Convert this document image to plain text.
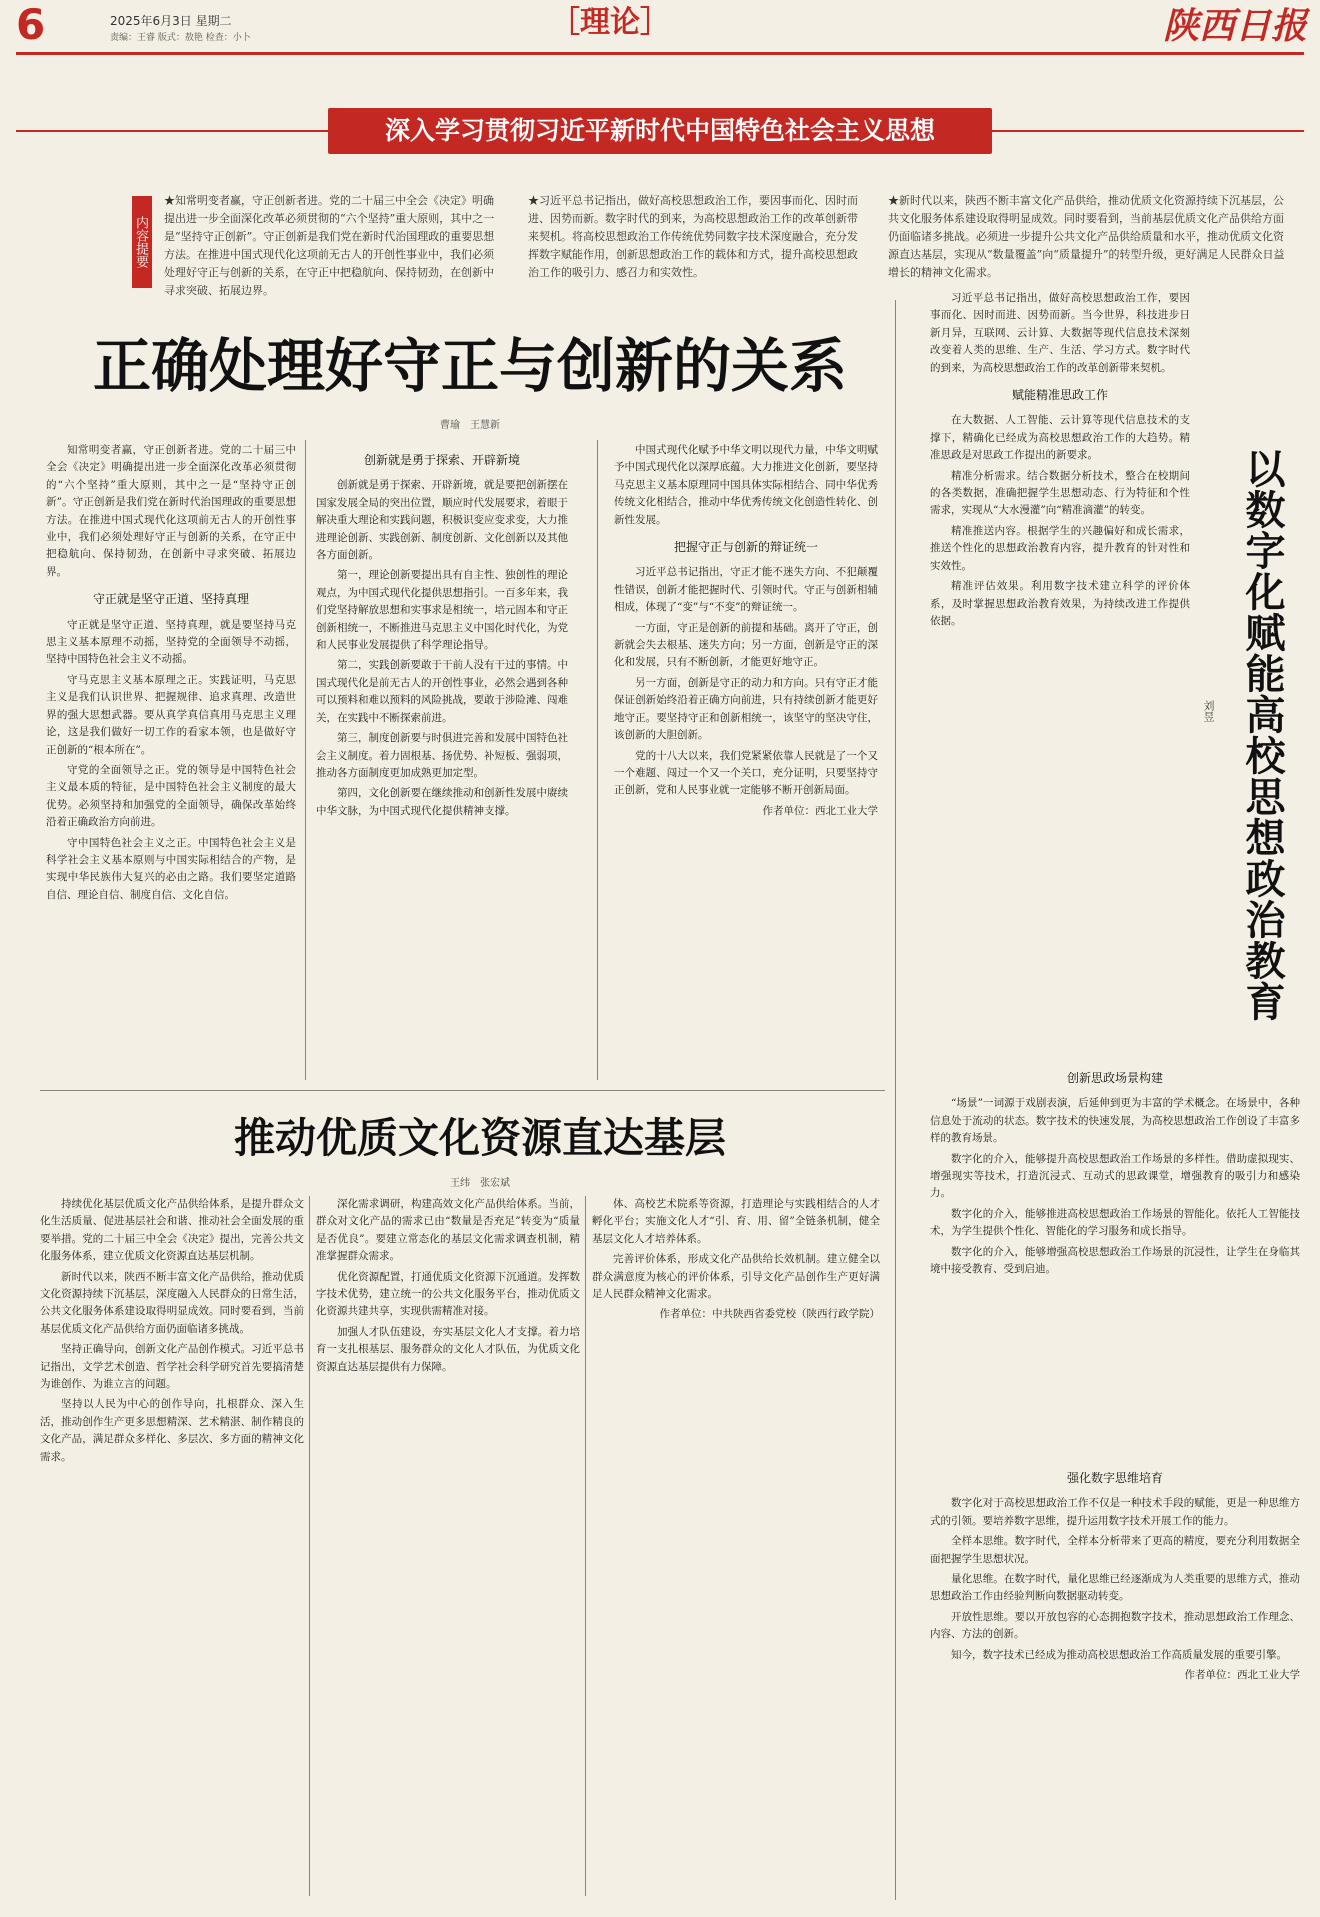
6	2025年6月3日 星期二
责编：王睿 版式：敖艳 检查：小卜	［理论］	陕西日报
深入学习贯彻习近平新时代中国特色社会主义思想
内容提要

★知常明变者赢，守正创新者进。党的二十届三中全会《决定》明确提出进一步全面深化改革必须贯彻的“六个坚持”重大原则，其中之一是“坚持守正创新”。守正创新是我们党在新时代治国理政的重要思想方法。在推进中国式现代化这项前无古人的开创性事业中，我们必须处理好守正与创新的关系，在守正中把稳航向、保持韧劲，在创新中寻求突破、拓展边界。

★习近平总书记指出，做好高校思想政治工作，要因事而化、因时而进、因势而新。数字时代的到来，为高校思想政治工作的改革创新带来契机。将高校思想政治工作传统优势同数字技术深度融合，充分发挥数字赋能作用，创新思想政治工作的载体和方式，提升高校思想政治工作的吸引力、感召力和实效性。

★新时代以来，陕西不断丰富文化产品供给，推动优质文化资源持续下沉基层，公共文化服务体系建设取得明显成效。同时要看到，当前基层优质文化产品供给方面仍面临诸多挑战。必须进一步提升公共文化产品供给质量和水平，推动优质文化资源直达基层，实现从“数量覆盖”向“质量提升”的转型升级，更好满足人民群众日益增长的精神文化需求。

正确处理好守正与创新的关系
曹瑜　王慧新

知常明变者赢，守正创新者进。党的二十届三中全会《决定》明确提出进一步全面深化改革必须贯彻的“六个坚持”重大原则，其中之一是“坚持守正创新”。守正创新是我们党在新时代治国理政的重要思想方法。在推进中国式现代化这项前无古人的开创性事业中，我们必须处理好守正与创新的关系，在守正中把稳航向、保持韧劲，在创新中寻求突破、拓展边界。

守正就是坚守正道、坚持真理

守正就是坚守正道、坚持真理，就是要坚持马克思主义基本原理不动摇，坚持党的全面领导不动摇，坚持中国特色社会主义不动摇。

守马克思主义基本原理之正。实践证明，马克思主义是我们认识世界、把握规律、追求真理、改造世界的强大思想武器。要从真学真信真用马克思主义理论，这是我们做好一切工作的看家本领，也是做好守正创新的“根本所在”。

守党的全面领导之正。党的领导是中国特色社会主义最本质的特征，是中国特色社会主义制度的最大优势。必须坚持和加强党的全面领导，确保改革始终沿着正确政治方向前进。

守中国特色社会主义之正。中国特色社会主义是科学社会主义基本原则与中国实际相结合的产物，是实现中华民族伟大复兴的必由之路。我们要坚定道路自信、理论自信、制度自信、文化自信。

创新就是勇于探索、开辟新境

创新就是勇于探索、开辟新境，就是要把创新摆在国家发展全局的突出位置，顺应时代发展要求，着眼于解决重大理论和实践问题，积极识变应变求变，大力推进理论创新、实践创新、制度创新、文化创新以及其他各方面创新。

第一，理论创新要提出具有自主性、独创性的理论观点，为中国式现代化提供思想指引。一百多年来，我们党坚持解放思想和实事求是相统一，培元固本和守正创新相统一，不断推进马克思主义中国化时代化，为党和人民事业发展提供了科学理论指导。

第二，实践创新要敢于干前人没有干过的事情。中国式现代化是前无古人的开创性事业，必然会遇到各种可以预料和难以预料的风险挑战，要敢于涉险滩、闯难关，在实践中不断探索前进。

第三，制度创新要与时俱进完善和发展中国特色社会主义制度。着力固根基、扬优势、补短板、强弱项，推动各方面制度更加成熟更加定型。

第四，文化创新要在继续推动和创新性发展中赓续中华文脉，为中国式现代化提供精神支撑。

中国式现代化赋予中华文明以现代力量，中华文明赋予中国式现代化以深厚底蕴。大力推进文化创新，要坚持马克思主义基本原理同中国具体实际相结合、同中华优秀传统文化相结合，推动中华优秀传统文化创造性转化、创新性发展。

把握守正与创新的辩证统一

习近平总书记指出，守正才能不迷失方向、不犯颠覆性错误，创新才能把握时代、引领时代。守正与创新相辅相成，体现了“变”与“不变”的辩证统一。

一方面，守正是创新的前提和基础。离开了守正，创新就会失去根基、迷失方向；另一方面，创新是守正的深化和发展，只有不断创新，才能更好地守正。

另一方面，创新是守正的动力和方向。只有守正才能保证创新始终沿着正确方向前进，只有持续创新才能更好地守正。要坚持守正和创新相统一，该坚守的坚决守住，该创新的大胆创新。

党的十八大以来，我们党紧紧依靠人民就是了一个又一个难题、闯过一个又一个关口，充分证明，只要坚持守正创新，党和人民事业就一定能够不断开创新局面。

作者单位：西北工业大学

推动优质文化资源直达基层
王纬　张宏斌

持续优化基层优质文化产品供给体系，是提升群众文化生活质量、促进基层社会和谐、推动社会全面发展的重要举措。党的二十届三中全会《决定》提出，完善公共文化服务体系，建立优质文化资源直达基层机制。

新时代以来，陕西不断丰富文化产品供给，推动优质文化资源持续下沉基层，深度融入人民群众的日常生活，公共文化服务体系建设取得明显成效。同时要看到，当前基层优质文化产品供给方面仍面临诸多挑战。

坚持正确导向，创新文化产品创作模式。习近平总书记指出，文学艺术创造、哲学社会科学研究首先要搞清楚为谁创作、为谁立言的问题。

坚持以人民为中心的创作导向，扎根群众、深入生活，推动创作生产更多思想精深、艺术精湛、制作精良的文化产品，满足群众多样化、多层次、多方面的精神文化需求。

深化需求调研，构建高效文化产品供给体系。当前，群众对文化产品的需求已由“数量是否充足”转变为“质量是否优良”。要建立常态化的基层文化需求调查机制，精准掌握群众需求。

优化资源配置，打通优质文化资源下沉通道。发挥数字技术优势，建立统一的公共文化服务平台，推动优质文化资源共建共享，实现供需精准对接。

加强人才队伍建设，夯实基层文化人才支撑。着力培育一支扎根基层、服务群众的文化人才队伍，为优质文化资源直达基层提供有力保障。

体、高校艺术院系等资源，打造理论与实践相结合的人才孵化平台；实施文化人才“引、育、用、留”全链条机制，健全基层文化人才培养体系。

完善评价体系，形成文化产品供给长效机制。建立健全以群众满意度为核心的评价体系，引导文化产品创作生产更好满足人民群众精神文化需求。

作者单位：中共陕西省委党校（陕西行政学院）

以数字化赋能高校思想政治教育
刘昱

习近平总书记指出，做好高校思想政治工作，要因事而化、因时而进、因势而新。当今世界，科技进步日新月异，互联网、云计算、大数据等现代信息技术深刻改变着人类的思维、生产、生活、学习方式。数字时代的到来，为高校思想政治工作的改革创新带来契机。

赋能精准思政工作

在大数据、人工智能、云计算等现代信息技术的支撑下，精确化已经成为高校思想政治工作的大趋势。精准思政是对思政工作提出的新要求。

精准分析需求。结合数据分析技术，整合在校期间的各类数据，准确把握学生思想动态、行为特征和个性需求，实现从“大水漫灌”向“精准滴灌”的转变。

精准推送内容。根据学生的兴趣偏好和成长需求，推送个性化的思想政治教育内容，提升教育的针对性和实效性。

精准评估效果。利用数字技术建立科学的评价体系，及时掌握思想政治教育效果，为持续改进工作提供依据。

创新思政场景构建

“场景”一词源于戏剧表演，后延伸到更为丰富的学术概念。在场景中，各种信息处于流动的状态。数字技术的快速发展，为高校思想政治工作创设了丰富多样的教育场景。

数字化的介入，能够提升高校思想政治工作场景的多样性。借助虚拟现实、增强现实等技术，打造沉浸式、互动式的思政课堂，增强教育的吸引力和感染力。

数字化的介入，能够推进高校思想政治工作场景的智能化。依托人工智能技术，为学生提供个性化、智能化的学习服务和成长指导。

数字化的介入，能够增强高校思想政治工作场景的沉浸性，让学生在身临其境中接受教育、受到启迪。

强化数字思维培育

数字化对于高校思想政治工作不仅是一种技术手段的赋能，更是一种思维方式的引领。要培养数字思维，提升运用数字技术开展工作的能力。

全样本思维。数字时代，全样本分析带来了更高的精度，要充分利用数据全面把握学生思想状况。

量化思维。在数字时代，量化思维已经逐渐成为人类重要的思维方式，推动思想政治工作由经验判断向数据驱动转变。

开放性思维。要以开放包容的心态拥抱数字技术，推动思想政治工作理念、内容、方法的创新。

知今，数字技术已经成为推动高校思想政治工作高质量发展的重要引擎。

作者单位：西北工业大学
